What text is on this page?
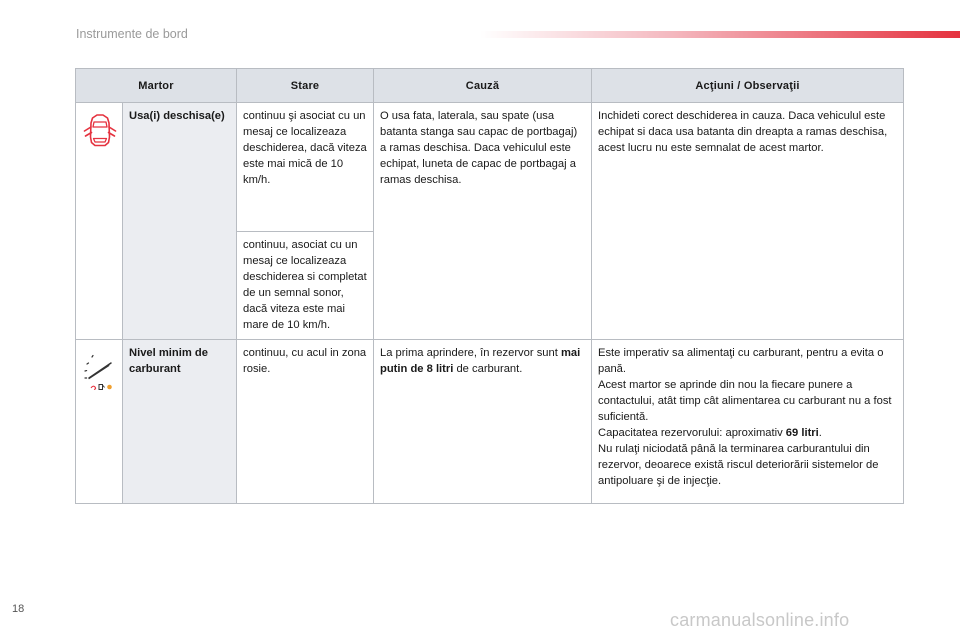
Instrumente de bord
Martor		Stare	Cauză	Acţiuni / Observaţii

	Usa(i) deschisa(e)	continuu şi asociat cu un mesaj ce localizeaza deschiderea, dacă viteza este mai mică de 10 km/h.	O usa fata, laterala, sau spate (usa batanta stanga sau capac de portbagaj) a ramas deschisa. Daca vehiculul este echipat, luneta de capac de portbagaj a ramas deschisa.	Inchideti corect deschiderea in cauza. Daca vehiculul este echipat si daca usa batanta din dreapta a ramas deschisa, acest lucru nu este semnalat de acest martor.
		continuu, asociat cu un mesaj ce localizeaza deschiderea si completat de un semnal sonor, dacă viteza este mai mare de 10 km/h.		

	Nivel minim de carburant	continuu, cu acul in zona rosie.	La prima aprindere, în rezervor sunt mai putin de 8 litri de carburant.	Este imperativ sa alimentaţi cu carburant, pentru a evita o pană.
Acest martor se aprinde din nou la fiecare punere a contactului, atât timp cât alimentarea cu carburant nu a fost suficientă.
Capacitatea rezervorului: aproximativ 69 litri.
Nu rulaţi niciodată până la terminarea carburantului din rezervor, deoarece există riscul deteriorării sistemelor de antipoluare şi de injecţie.
18
carmanualsonline.info
